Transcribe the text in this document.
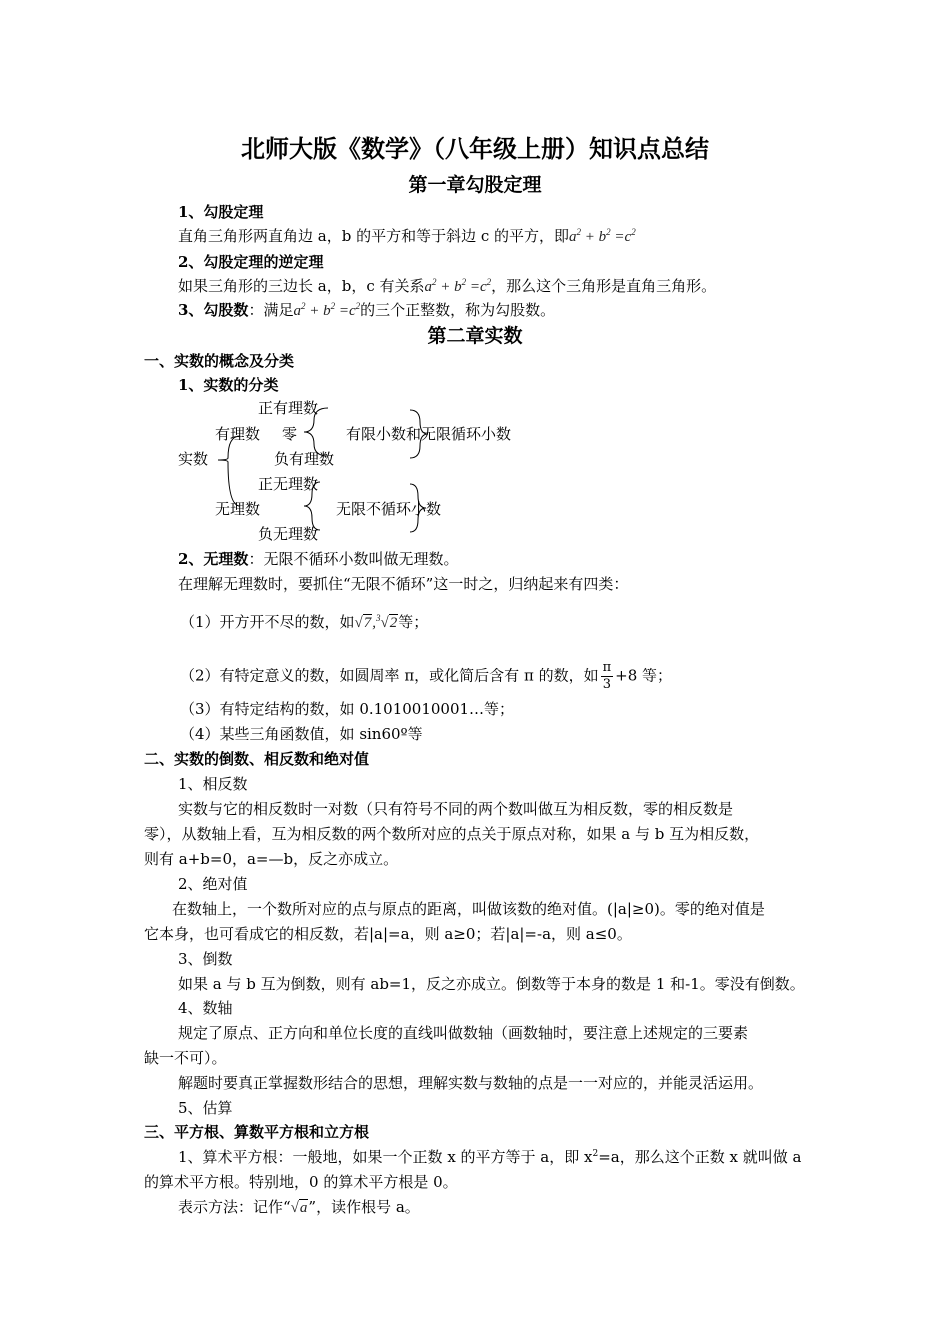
北师大版《数学》（八年级上册）知识点总结
第一章勾股定理
1、勾股定理
直角三角形两直角边 a，b 的平方和等于斜边 c 的平方，即$a^2 + b^2 =c^2$
2、勾股定理的逆定理
如果三角形的三边长 a，b，c 有关系$a^2 + b^2 =c^2$，那么这个三角形是直角三角形。
3、勾股数：满足$a^2 + b^2 =c^2$的三个正整数，称为勾股数。
第二章实数
一、实数的概念及分类
1、实数的分类
正有理数
有理数 零	有限小数和无限循环小数
实数	负有理数
正无理数
无理数	无限不循环小数
负无理数
2、无理数：无限不循环小数叫做无理数。
在理解无理数时，要抓住“无限不循环”这一时之，归纳起来有四类：
（1）开方开不尽的数，如√7,$^3$√2等；
（2）有特定意义的数，如圆周率 π，或化简后含有 π 的数，如 $\frac{\pi}{3} +8$ 等；
（3）有特定结构的数，如 0.1010010001…等；
（4）某些三角函数值，如 sin60º等
二、实数的倒数、相反数和绝对值
1、相反数
实数与它的相反数时一对数（只有符号不同的两个数叫做互为相反数，零的相反数是
零），从数轴上看，互为相反数的两个数所对应的点关于原点对称，如果 a 与 b 互为相反数，
则有 a+b=0，a=—b，反之亦成立。
2、绝对值
在数轴上，一个数所对应的点与原点的距离，叫做该数的绝对值。(|a|≥0)。零的绝对值是
它本身，也可看成它的相反数，若|a|=a，则 a≥0；若|a|=-a，则 a≤0。
3、倒数
如果 a 与 b 互为倒数，则有 ab=1，反之亦成立。倒数等于本身的数是 1 和-1。零没有倒数。
4、数轴
规定了原点、正方向和单位长度的直线叫做数轴（画数轴时，要注意上述规定的三要素
缺一不可）。
解题时要真正掌握数形结合的思想，理解实数与数轴的点是一一对应的，并能灵活运用。
5、估算
三、平方根、算数平方根和立方根
1、算术平方根：一般地，如果一个正数 x 的平方等于 a，即 $x^2=a$，那么这个正数 x 就叫做 a
的算术平方根。特别地，0 的算术平方根是 0。
表示方法：记作“√a”，读作根号 a。
